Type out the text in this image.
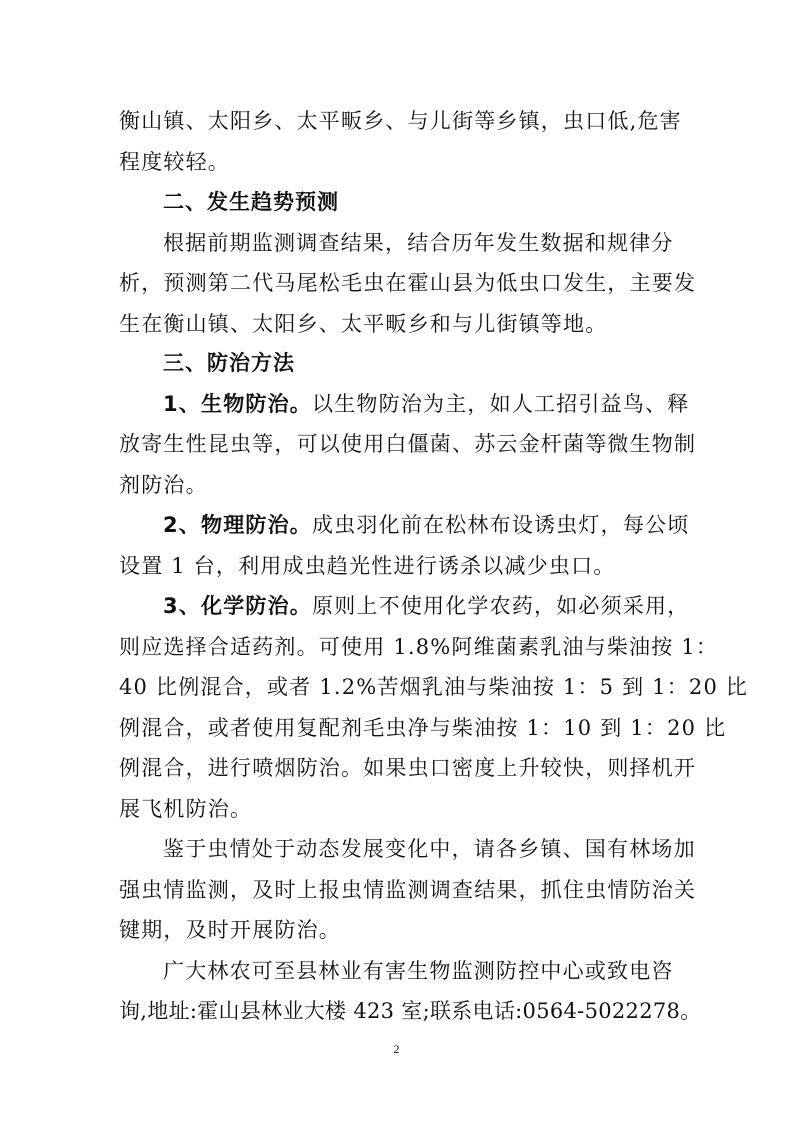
衡山镇、太阳乡、太平畈乡、与儿街等乡镇，虫口低,危害
程度较轻。
二、发生趋势预测
根据前期监测调查结果，结合历年发生数据和规律分
析，预测第二代马尾松毛虫在霍山县为低虫口发生，主要发
生在衡山镇、太阳乡、太平畈乡和与儿街镇等地。
三、防治方法
1、生物防治。以生物防治为主，如人工招引益鸟、释
放寄生性昆虫等，可以使用白僵菌、苏云金杆菌等微生物制
剂防治。
2、物理防治。成虫羽化前在松林布设诱虫灯，每公顷
设置 1 台，利用成虫趋光性进行诱杀以减少虫口。
3、化学防治。原则上不使用化学农药，如必须采用，
则应选择合适药剂。可使用 1.8%阿维菌素乳油与柴油按 1：
40 比例混合，或者 1.2%苦烟乳油与柴油按 1：5 到 1：20 比
例混合，或者使用复配剂毛虫净与柴油按 1：10 到 1：20 比
例混合，进行喷烟防治。如果虫口密度上升较快，则择机开
展飞机防治。
鉴于虫情处于动态发展变化中，请各乡镇、国有林场加
强虫情监测，及时上报虫情监测调查结果，抓住虫情防治关
键期，及时开展防治。
广大林农可至县林业有害生物监测防控中心或致电咨
询,地址:霍山县林业大楼 423 室;联系电话:0564-5022278。
2
